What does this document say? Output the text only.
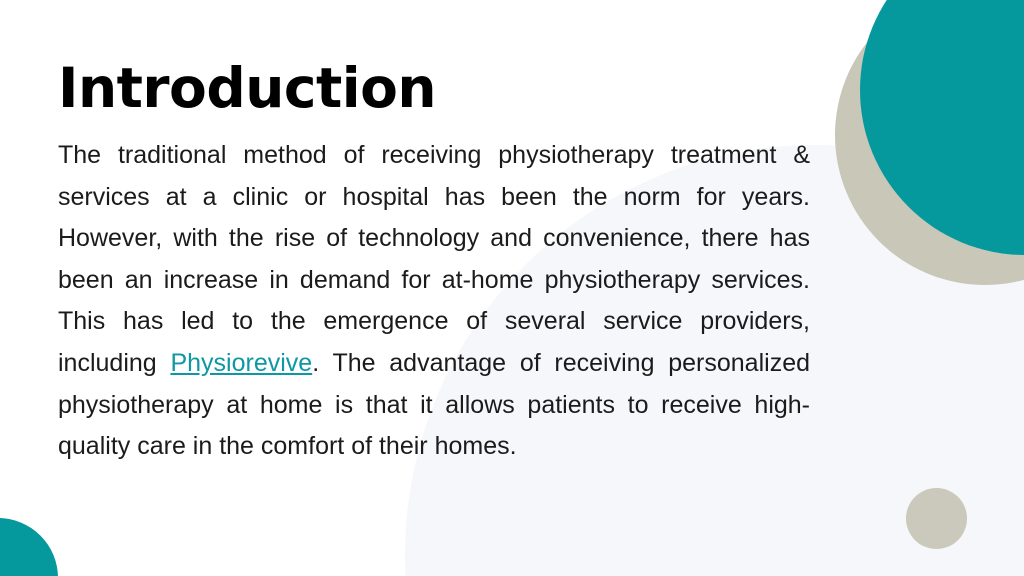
Introduction

The traditional method of receiving physiotherapy treatment & services at a clinic or hospital has been the norm for years. However, with the rise of technology and convenience, there has been an increase in demand for at-home physiotherapy services. This has led to the emergence of several service providers, including Physiorevive. The advantage of receiving personalized physiotherapy at home is that it allows patients to receive high-quality care in the comfort of their homes.
